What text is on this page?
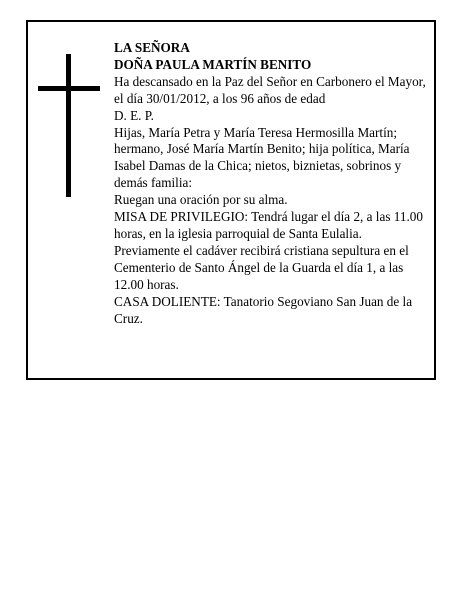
LA SEÑORA

DOÑA PAULA MARTÍN BENITO

Ha descansado en la Paz del Señor en Carbonero el Mayor, el día 30/01/2012, a los 96 años de edad

D. E. P.

Hijas, María Petra y María Teresa Hermosilla Martín; hermano, José María Martín Benito; hija política, María Isabel Damas de la Chica; nietos, biznietas, sobrinos y demás familia:

Ruegan una oración por su alma.

MISA DE PRIVILEGIO: Tendrá lugar el día 2, a las 11.00 horas, en la iglesia parroquial de Santa Eulalia.

Previamente el cadáver recibirá cristiana sepultura en el Cementerio de Santo Ángel de la Guarda el día 1, a las 12.00 horas.

CASA DOLIENTE: Tanatorio Segoviano San Juan de la Cruz.
